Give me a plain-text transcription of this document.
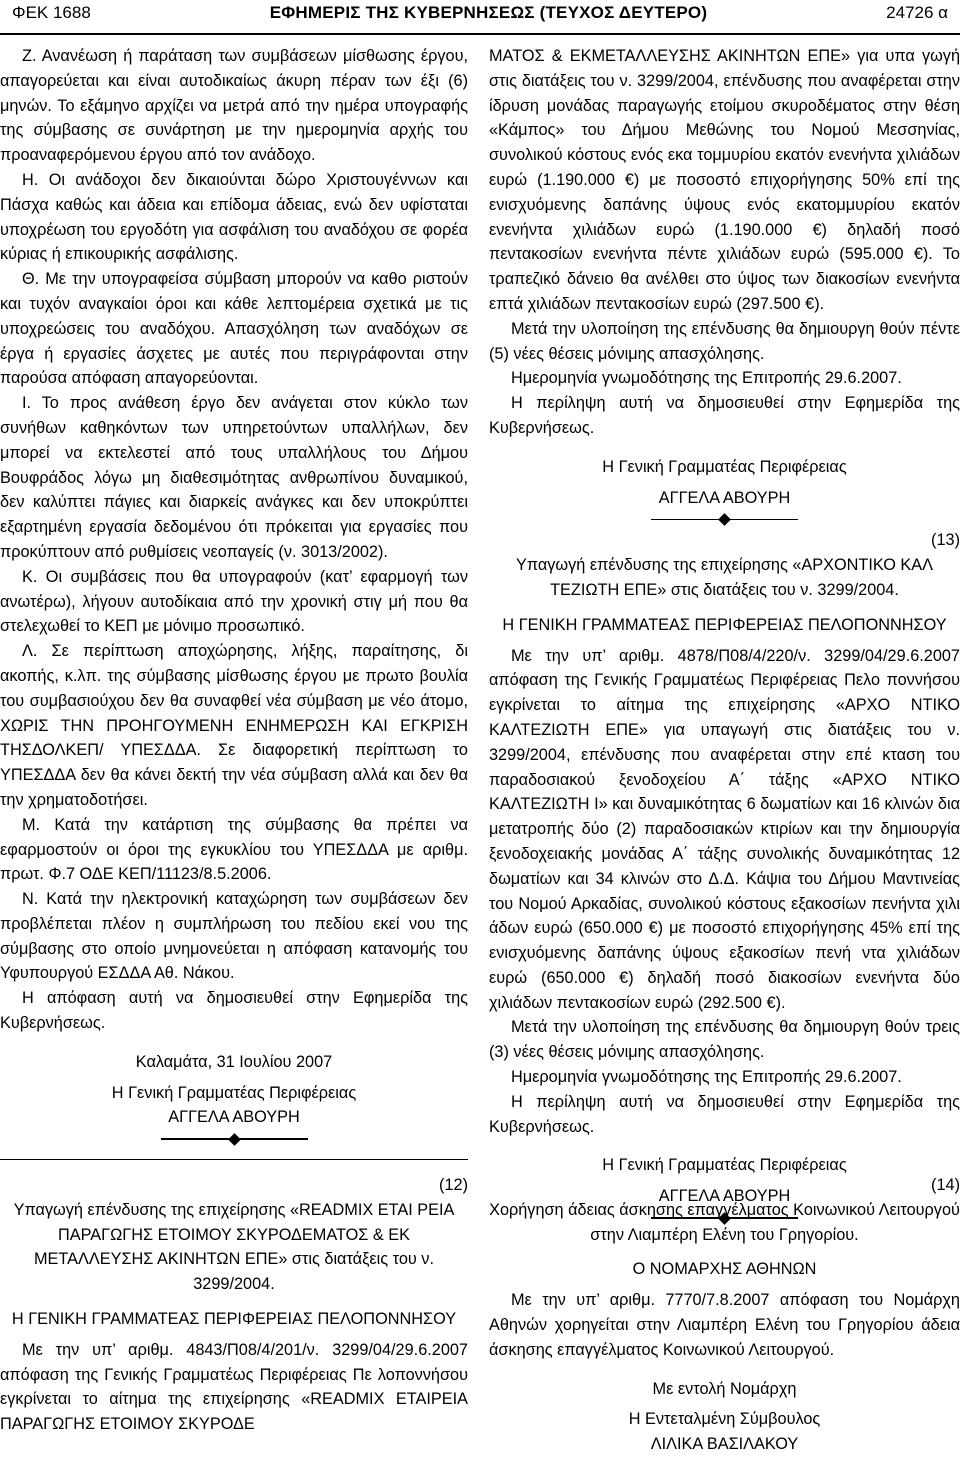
ΦΕΚ 1688	ΕΦΗΜΕΡΙΣ ΤΗΣ ΚΥΒΕΡΝΗΣΕΩΣ (ΤΕΥΧΟΣ ΔΕΥΤΕΡΟ)	24726 α

Ζ. Ανανέωση ή παράταση των συμβάσεων μίσθωσης έργου, απαγορεύεται και είναι αυτοδικαίως άκυρη πέραν των έξι (6) μηνών. Το εξάμηνο αρχίζει να μετρά από την ημέρα υπογραφής της σύμβασης σε συνάρτηση με την ημερομηνία αρχής του προαναφερόμενου έργου από τον ανάδοχο.

Η. Οι ανάδοχοι δεν δικαιούνται δώρο Χριστουγέννων και Πάσχα καθώς και άδεια και επίδομα άδειας, ενώ δεν υφίσταται υποχρέωση του εργοδότη για ασφάλιση του αναδόχου σε φορέα κύριας ή επικουρικής ασφάλισης.

Θ. Με την υπογραφείσα σύμβαση μπορούν να καθο ριστούν και τυχόν αναγκαίοι όροι και κάθε λεπτομέρεια σχετικά με τις υποχρεώσεις του αναδόχου. Απασχόληση των αναδόχων σε έργα ή εργασίες άσχετες με αυτές που περιγράφονται στην παρούσα απόφαση απαγορεύονται.

Ι. Το προς ανάθεση έργο δεν ανάγεται στον κύκλο των συνήθων καθηκόντων των υπηρετούντων υπαλλήλων, δεν μπορεί να εκτελεστεί από τους υπαλλήλους του Δήμου Βουφράδος λόγω μη διαθεσιμότητας ανθρωπίνου δυναμικού, δεν καλύπτει πάγιες και διαρκείς ανάγκες και δεν υποκρύπτει εξαρτημένη εργασία δεδομένου ότι πρόκειται για εργασίες που προκύπτουν από ρυθμίσεις νεοπαγείς (ν. 3013/2002).

Κ. Οι συμβάσεις που θα υπογραφούν (κατ’ εφαρμογή των ανωτέρω), λήγουν αυτοδίκαια από την χρονική στιγ μή που θα στελεχωθεί το ΚΕΠ με μόνιμο προσωπικό.

Λ. Σε περίπτωση αποχώρησης, λήξης, παραίτησης, δι ακοπής, κ.λπ. της σύμβασης μίσθωσης έργου με πρωτο βουλία του συμβασιούχου δεν θα συναφθεί νέα σύμβαση με νέο άτομο, ΧΩΡΙΣ ΤΗΝ ΠΡΟΗΓΟΥΜΕΝΗ ΕΝΗΜΕΡΩΣΗ ΚΑΙ ΕΓΚΡΙΣΗ ΤΗΣΔΟΛΚΕΠ/ ΥΠΕΣΔΔΑ. Σε διαφορετική περίπτωση το ΥΠΕΣΔΔΑ δεν θα κάνει δεκτή την νέα σύμβαση αλλά και δεν θα την χρηματοδοτήσει.

Μ. Κατά την κατάρτιση της σύμβασης θα πρέπει να εφαρμοστούν οι όροι της εγκυκλίου του ΥΠΕΣΔΔΑ με αριθμ. πρωτ. Φ.7 ΟΔΕ ΚΕΠ/11123/8.5.2006.

Ν. Κατά την ηλεκτρονική καταχώρηση των συμβάσεων δεν προβλέπεται πλέον η συμπλήρωση του πεδίου εκεί νου της σύμβασης στο οποίο μνημονεύεται η απόφαση κατανομής του Υφυπουργού ΕΣΔΔΑ Αθ. Νάκου.

Η απόφαση αυτή να δημοσιευθεί στην Εφημερίδα της Κυβερνήσεως.

Καλαμάτα, 31 Ιουλίου 2007

Η Γενική Γραμματέας Περιφέρειας

ΑΓΓΕΛΑ ΑΒΟΥΡΗ

ΜΑΤΟΣ & ΕΚΜΕΤΑΛΛΕΥΣΗΣ ΑΚΙΝΗΤΩΝ ΕΠΕ» για υπα γωγή στις διατάξεις του ν. 3299/2004, επένδυσης που αναφέρεται στην ίδρυση μονάδας παραγωγής ετοίμου σκυροδέματος στην θέση «Κάμπος» του Δήμου Μεθώνης του Νομού Μεσσηνίας, συνολικού κόστους ενός εκα τομμυρίου εκατόν ενενήντα χιλιάδων ευρώ (1.190.000 €) με ποσοστό επιχορήγησης 50% επί της ενισχυόμενης δαπάνης ύψους ενός εκατομμυρίου εκατόν ενενήντα χιλιάδων ευρώ (1.190.000 €) δηλαδή ποσό πεντακοσίων ενενήντα πέντε χιλιάδων ευρώ (595.000 €). Το τραπεζικό δάνειο θα ανέλθει στο ύψος των διακοσίων ενενήντα επτά χιλιάδων πεντακοσίων ευρώ (297.500 €).

Μετά την υλοποίηση της επένδυσης θα δημιουργη θούν πέντε (5) νέες θέσεις μόνιμης απασχόλησης.

Ημερομηνία γνωμοδότησης της Επιτροπής 29.6.2007.

Η περίληψη αυτή να δημοσιευθεί στην Εφημερίδα της Κυβερνήσεως.

Η Γενική Γραμματέας Περιφέρειας

ΑΓΓΕΛΑ ΑΒΟΥΡΗ

(13)

Υπαγωγή επένδυσης της επιχείρησης «ΑΡΧΟΝΤΙΚΟ ΚΑΛ ΤΕΖΙΩΤΗ ΕΠΕ» στις διατάξεις του ν. 3299/2004.

Η ΓΕΝΙΚΗ ΓΡΑΜΜΑΤΕΑΣ ΠΕΡΙΦΕΡΕΙΑΣ ΠΕΛΟΠΟΝΝΗΣΟΥ

Με την υπ’ αριθμ. 4878/Π08/4/220/ν. 3299/04/29.6.2007 απόφαση της Γενικής Γραμματέως Περιφέρειας Πελο ποννήσου εγκρίνεται το αίτημα της επιχείρησης «ΑΡΧΟ ΝΤΙΚΟ ΚΑΛΤΕΖΙΩΤΗ ΕΠΕ» για υπαγωγή στις διατάξεις του ν. 3299/2004, επένδυσης που αναφέρεται στην επέ κταση του παραδοσιακού ξενοδοχείου Α΄ τάξης «ΑΡΧΟ ΝΤΙΚΟ ΚΑΛΤΕΖΙΩΤΗ Ι» και δυναμικότητας 6 δωματίων και 16 κλινών δια μετατροπής δύο (2) παραδοσιακών κτιρίων και την δημιουργία ξενοδοχειακής μονάδας Α΄ τάξης συνολικής δυναμικότητας 12 δωματίων και 34 κλινών στο Δ.Δ. Κάψια του Δήμου Μαντινείας του Νομού Αρκαδίας, συνολικού κόστους εξακοσίων πενήντα χιλι άδων ευρώ (650.000 €) με ποσοστό επιχορήγησης 45% επί της ενισχυόμενης δαπάνης ύψους εξακοσίων πενή ντα χιλιάδων ευρώ (650.000 €) δηλαδή ποσό διακοσίων ενενήντα δύο χιλιάδων πεντακοσίων ευρώ (292.500 €).

Μετά την υλοποίηση της επένδυσης θα δημιουργη θούν τρεις (3) νέες θέσεις μόνιμης απασχόλησης.

Ημερομηνία γνωμοδότησης της Επιτροπής 29.6.2007.

Η περίληψη αυτή να δημοσιευθεί στην Εφημερίδα της Κυβερνήσεως.

Η Γενική Γραμματέας Περιφέρειας

ΑΓΓΕΛΑ ΑΒΟΥΡΗ

(12)

Υπαγωγή επένδυσης της επιχείρησης «READMIX ΕΤΑΙ ΡΕΙΑ ΠΑΡΑΓΩΓΗΣ ΕΤΟΙΜΟΥ ΣΚΥΡΟΔΕΜΑΤΟΣ & ΕΚ ΜΕΤΑΛΛΕΥΣΗΣ ΑΚΙΝΗΤΩΝ ΕΠΕ» στις διατάξεις του ν. 3299/2004.

Η ΓΕΝΙΚΗ ΓΡΑΜΜΑΤΕΑΣ ΠΕΡΙΦΕΡΕΙΑΣ ΠΕΛΟΠΟΝΝΗΣΟΥ

Με την υπ’ αριθμ. 4843/Π08/4/201/ν. 3299/04/29.6.2007 απόφαση της Γενικής Γραμματέως Περιφέρειας Πε λοποννήσου εγκρίνεται το αίτημα της επιχείρησης «READMIX ΕΤΑΙΡΕΙΑ ΠΑΡΑΓΩΓΗΣ ΕΤΟΙΜΟΥ ΣΚΥΡΟΔΕ

(14)

Χορήγηση άδειας άσκησης επαγγέλματος Κοινωνικού Λειτουργού στην Λιαμπέρη Ελένη του Γρηγορίου.

Ο ΝΟΜΑΡΧΗΣ ΑΘΗΝΩΝ

Με την υπ’ αριθμ. 7770/7.8.2007 απόφαση του Νομάρχη Αθηνών χορηγείται στην Λιαμπέρη Ελένη του Γρηγορίου άδεια άσκησης επαγγέλματος Κοινωνικού Λειτουργού.

Με εντολή Νομάρχη

Η Εντεταλμένη Σύμβουλος

ΛΙΛΙΚΑ ΒΑΣΙΛΑΚΟΥ
